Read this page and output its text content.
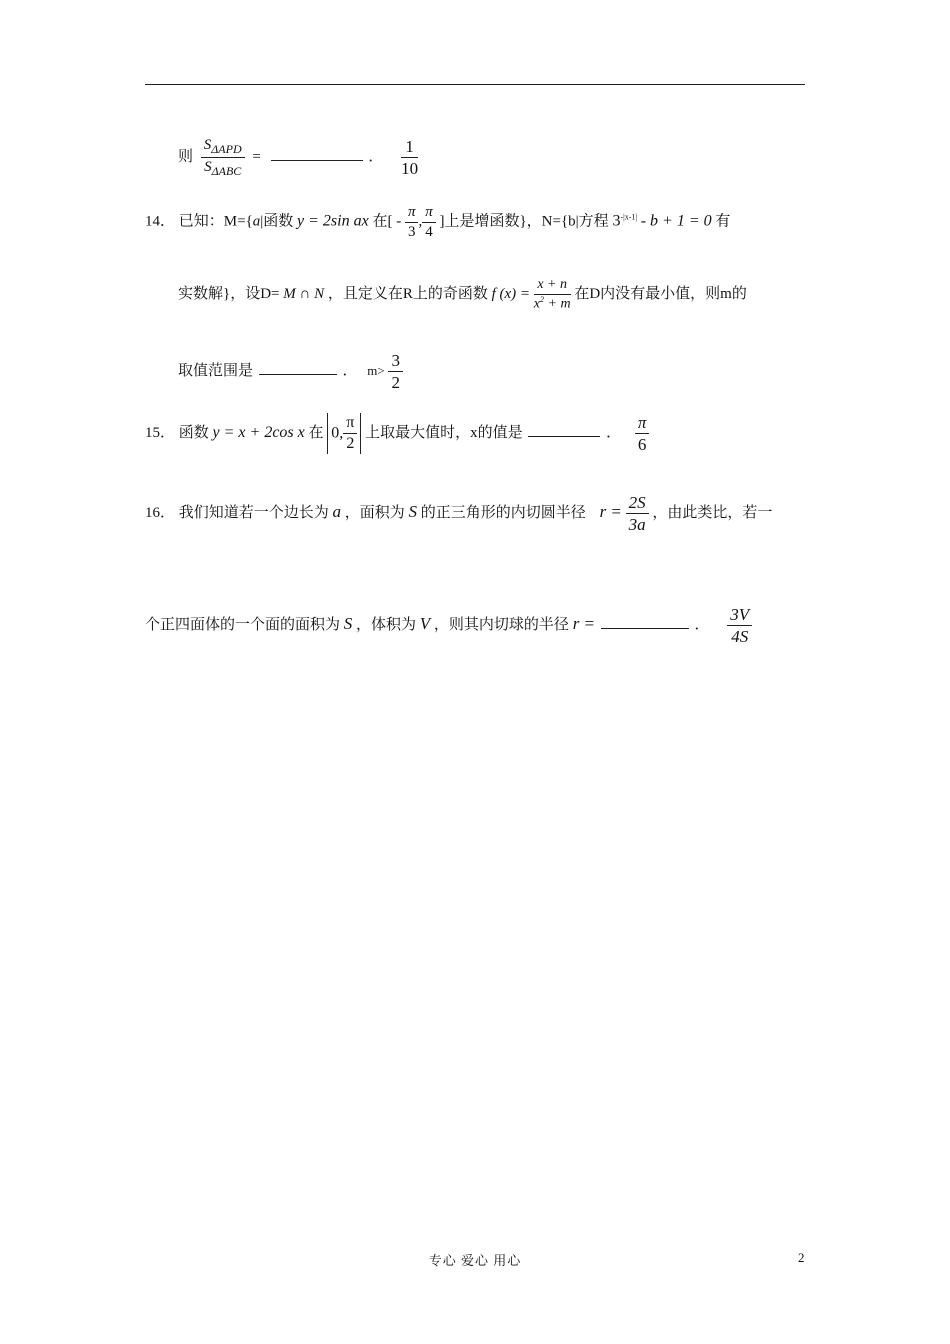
则 $\frac{S_{\Delta APD}}{S_{\Delta ABC}}$ =	． $\frac{1}{10}$
14． 已知：M={a|函数 y = 2sin ax 在[ - $\frac{\pi}{3}$ , $\frac{\pi}{4}$ ]上是增函数}，N={b|方程 $3^{-|x-1|} - b + 1 = 0$ 有
实数解}，设D= M ∩ N ，且定义在R上的奇函数 f $(x) = \frac{x + n}{x^2 + m}$ 在D内没有最小值，则m的
取值范围是	． $m> \frac{3}{2}$
15． 函数 y = x + 2cos x 在 0, $\frac{\pi}{2}$ 上取最大值时，x的值是	． $\frac{\pi}{6}$
16． 我们知道若一个边长为 a ，面积为 S 的正三角形的内切圆半径 $r = \frac{2S}{3a}$ ，由此类比，若一
个正四面体的一个面的面积为 S ，体积为 V ，则其内切球的半径 r =	． $\frac{3V}{4S}$
专心 爱心 用心	2
